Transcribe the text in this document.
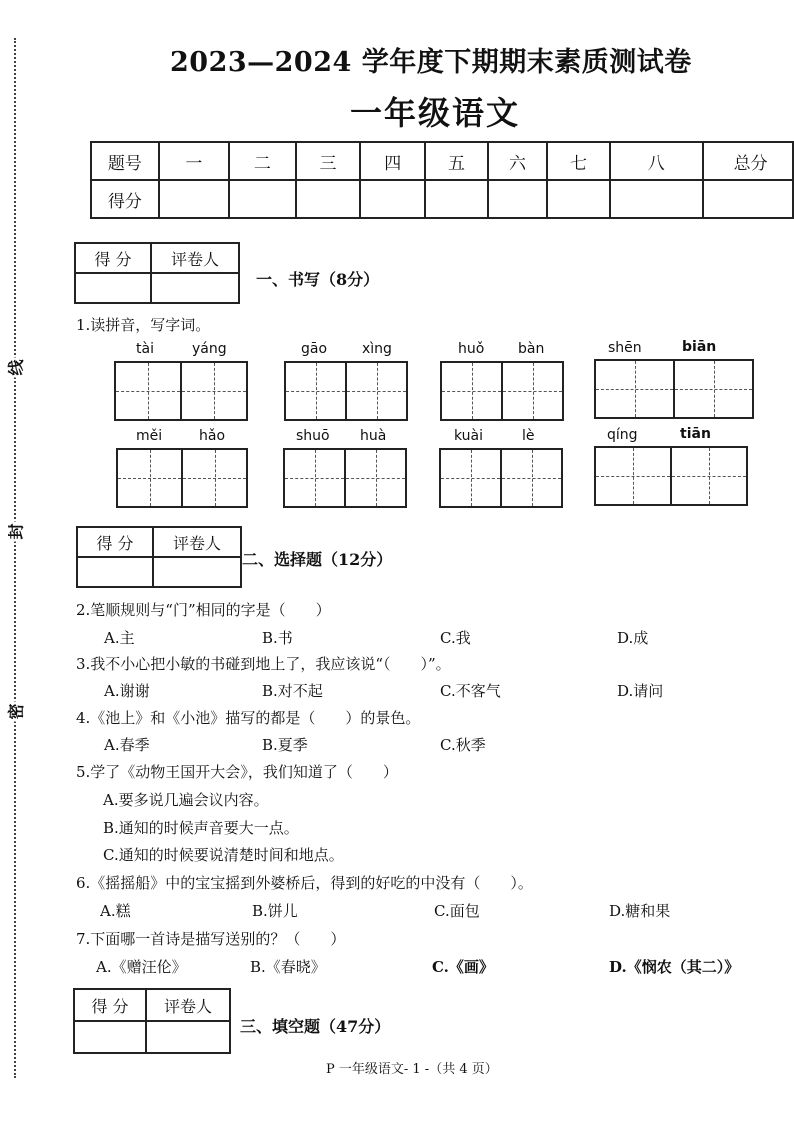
线
封
密
2023—2024 学年度下期期末素质测试卷
一年级语文
题号	一	二	三	四	五	六	七	八	总分
得分									
得 分	评卷人

一、书写（8分）
1.读拼音，写字词。
tài	yáng	gāo xìng	huǒ bàn	shēn	biān
měi	hǎo	shuō huà	kuài	lè	qíng	tiān
得 分	评卷人

二、选择题（12分）
2.笔顺规则与“门”相同的字是（　　）
A.主	B.书	C.我	D.成
3.我不小心把小敏的书碰到地上了，我应该说“（　　）”。
A.谢谢	B.对不起	C.不客气	D.请问
4.《池上》和《小池》描写的都是（　　）的景色。
A.春季	B.夏季	C.秋季
5.学了《动物王国开大会》，我们知道了（　　）
A.要多说几遍会议内容。
B.通知的时候声音要大一点。
C.通知的时候要说清楚时间和地点。
6.《摇摇船》中的宝宝摇到外婆桥后，得到的好吃的中没有（　　）。
A.糕	B.饼儿	C.面包	D.糖和果
7.下面哪一首诗是描写送别的？（　　）
A.《赠汪伦》	B.《春晓》	C.《画》	D.《悯农（其二）》
得 分	评卷人

三、填空题（47分）
P 一年级语文- 1 -（共 4 页）
